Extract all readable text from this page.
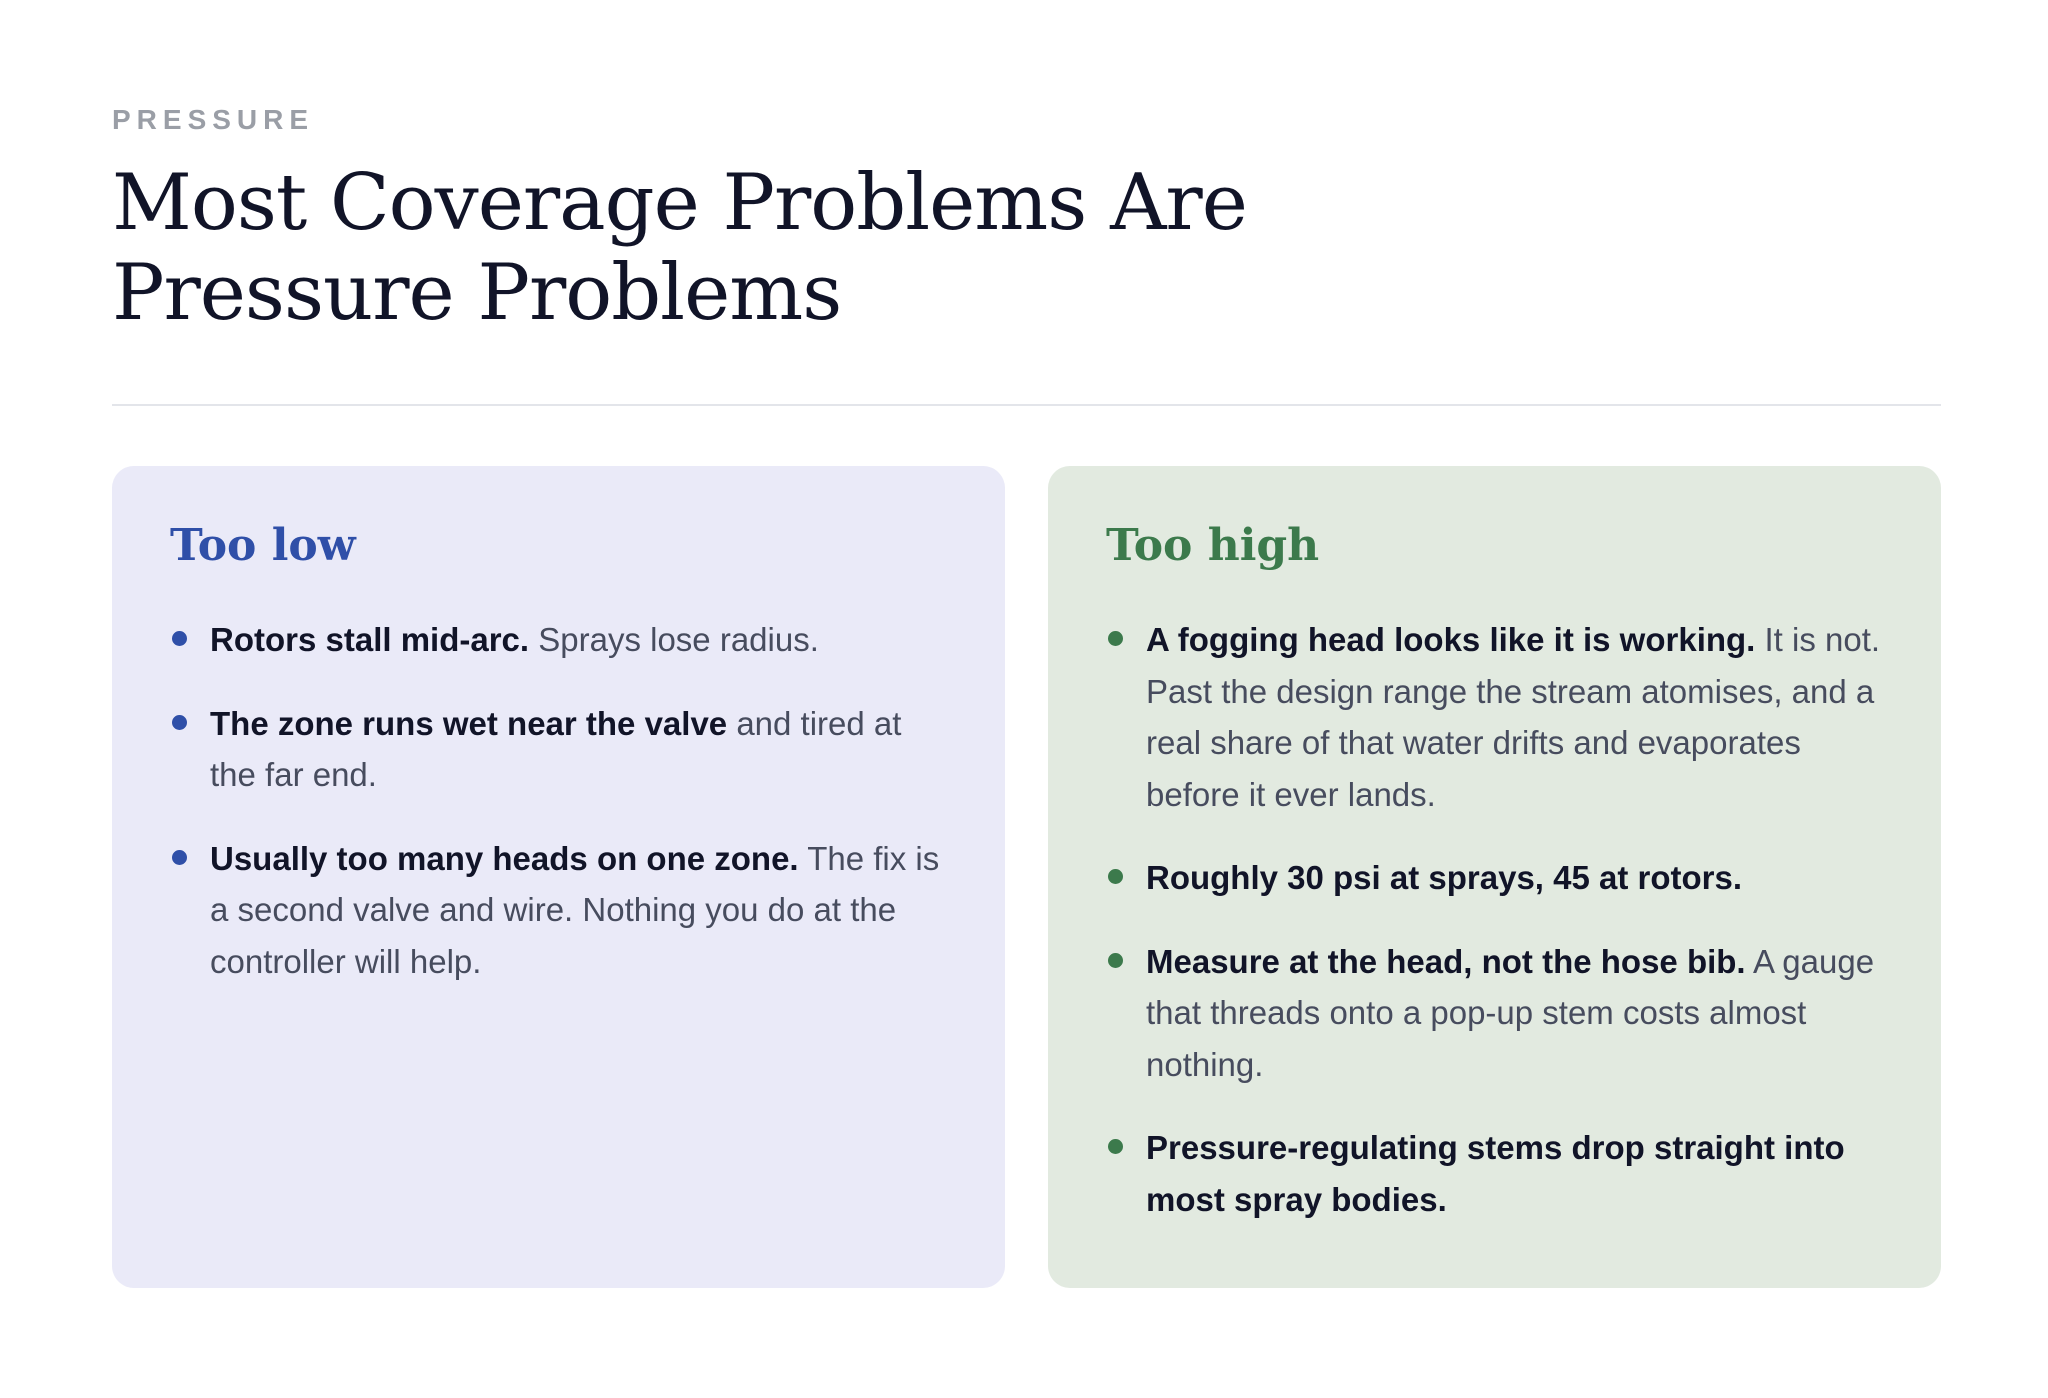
PRESSURE
Most Coverage Problems Are Pressure Problems
Too low
Rotors stall mid-arc. Sprays lose radius.
The zone runs wet near the valve and tired at the far end.
Usually too many heads on one zone. The fix is a second valve and wire. Nothing you do at the controller will help.
Too high
A fogging head looks like it is working. It is not. Past the design range the stream atomises, and a real share of that water drifts and evaporates before it ever lands.
Roughly 30 psi at sprays, 45 at rotors.
Measure at the head, not the hose bib. A gauge that threads onto a pop-up stem costs almost nothing.
Pressure-regulating stems drop straight into most spray bodies.
